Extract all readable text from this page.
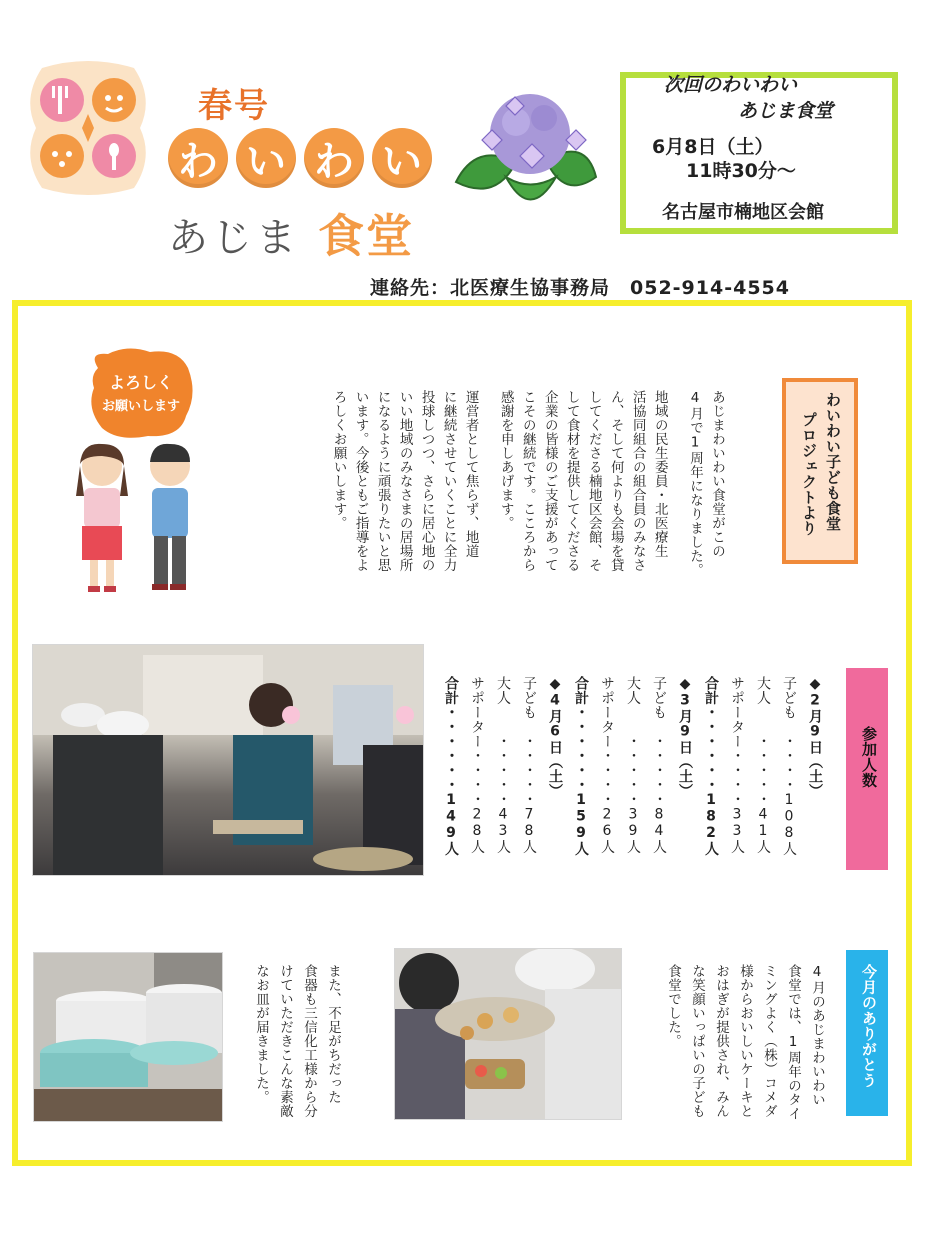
春号
わ い わ い
あじま 食堂
次回のわいわい
あじま食堂
6月8日（土）
11時30分～
名古屋市楠地区会館
連絡先：北医療生協事務局　052-914-4554
わいわい子ども食堂
プロジェクトより
あじまわいわい食堂がこの
4月で1周年になりました。
地域の民生委員・北医療生
活協同組合の組合員のみなさ
ん、そして何よりも会場を貸
してくださる楠地区会館、そ
して食材を提供してくださる
企業の皆様のご支援があって
こその継続です。こころから
感謝を申しあげます。
運営者として焦らず、地道
に継続させていくことに全力
投球しつつ、さらに居心地の
いい地域のみなさまの居場所
になるように頑張りたいと思
います。今後ともご指導をよ
ろしくお願いします。
よろしく
お願いします
参加人数
◆2月9日（土）
子ども　・・・・108人
大人　　・・・・・41人
サポーター・・・・33人
合計・・・・・・182人
◆3月9日（土）
子ども　・・・・・84人
大人　　・・・・・39人
サポーター・・・・26人
合計・・・・・・159人
◆4月6日（土）
子ども　・・・・・78人
大人　　・・・・・43人
サポーター・・・・28人
合計・・・・・・149人
今月のありがとう
4月のあじまわいわい
食堂では、1周年のタイ
ミングよく（株）コメダ
様からおいしいケーキと
おはぎが提供され、みん
な笑顔いっぱいの子ども
食堂でした。
また、不足がちだった
食器も三信化工様から分
けていただきこんな素敵
なお皿が届きました。
